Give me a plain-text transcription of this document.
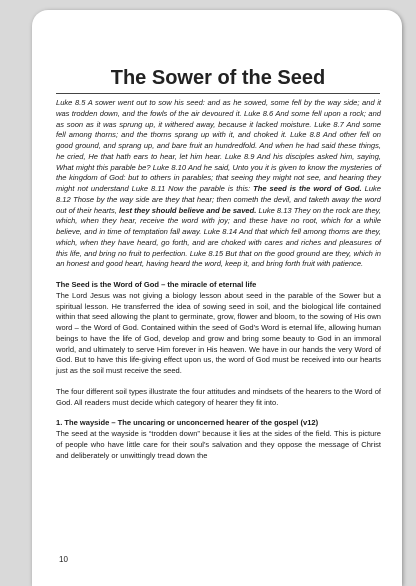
The Sower of the Seed

Luke 8.5 A sower went out to sow his seed: and as he sowed, some fell by the way side; and it was trodden down, and the fowls of the air devoured it. Luke 8.6 And some fell upon a rock; and as soon as it was sprung up, it withered away, because it lacked moisture. Luke 8.7 And some fell among thorns; and the thorns sprang up with it, and choked it. Luke 8.8 And other fell on good ground, and sprang up, and bare fruit an hundredfold. And when he had said these things, he cried, He that hath ears to hear, let him hear. Luke 8.9 And his disciples asked him, saying, What might this parable be? Luke 8.10 And he said, Unto you it is given to know the mysteries of the kingdom of God: but to others in parables; that seeing they might not see, and hearing they might not understand Luke 8.11 Now the parable is this: The seed is the word of God. Luke 8.12 Those by the way side are they that hear; then cometh the devil, and taketh away the word out of their hearts, lest they should believe and be saved. Luke 8.13 They on the rock are they, which, when they hear, receive the word with joy; and these have no root, which for a while believe, and in time of temptation fall away. Luke 8.14 And that which fell among thorns are they, which, when they have heard, go forth, and are choked with cares and riches and pleasures of this life, and bring no fruit to perfection. Luke 8.15 But that on the good ground are they, which in an honest and good heart, having heard the word, keep it, and bring forth fruit with patience.

The Seed is the Word of God – the miracle of eternal life

The Lord Jesus was not giving a biology lesson about seed in the parable of the Sower but a spiritual lesson. He transferred the idea of sowing seed in soil, and the biological life contained within that seed allowing the plant to germinate, grow, flower and bloom, to the sowing of His own word – the Word of God. Contained within the seed of God’s Word is eternal life, allowing human beings to have the life of God, develop and grow and bring some beauty to God in an immoral world, and ultimately to serve Him forever in His heaven. We have in our hands the very Word of God. But to have this life-giving effect upon us, the word of God must be received into our hearts just as the soil must receive the seed.

The four different soil types illustrate the four attitudes and mindsets of the hearers to the Word of God. All readers must decide which category of hearer they fit into.

1. The wayside – The uncaring or unconcerned hearer of the gospel (v12)

The seed at the wayside is “trodden down” because it lies at the sides of the field. This is picture of people who have little care for their soul’s salvation and they oppose the message of Christ and deliberately or unwittingly tread down the

10
